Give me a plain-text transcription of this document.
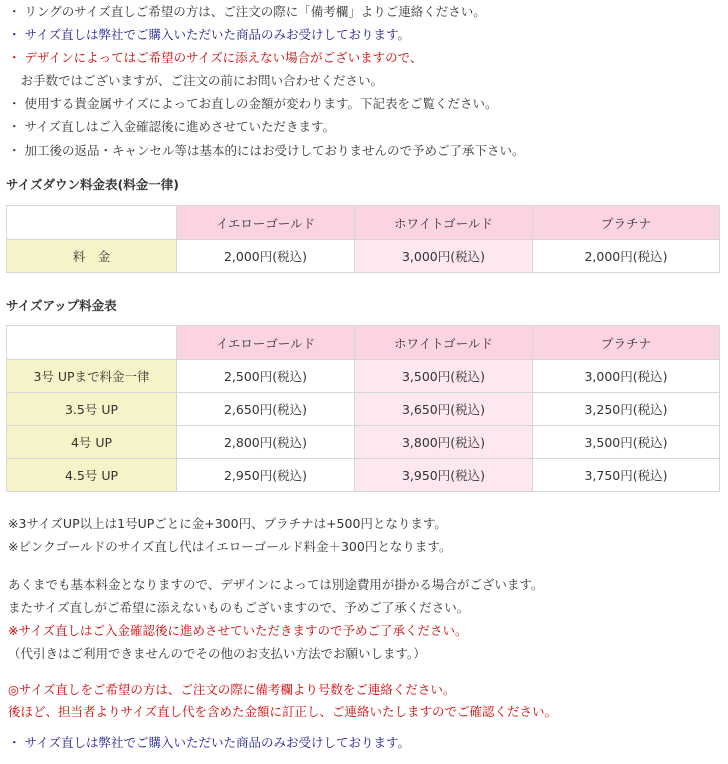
・ リングのサイズ直しご希望の方は、ご注文の際に「備考欄」よりご連絡ください。
・ サイズ直しは弊社でご購入いただいた商品のみお受けしております。
・ デザインによってはご希望のサイズに添えない場合がございますので、
　お手数ではございますが、ご注文の前にお問い合わせください。
・ 使用する貴金属サイズによってお直しの金額が変わります。下記表をご覧ください。
・ サイズ直しはご入金確認後に進めさせていただきます。
・ 加工後の返品・キャンセル等は基本的にはお受けしておりませんので予めご了承下さい。
サイズダウン料金表(料金一律)
	イエローゴールド	ホワイトゴールド	プラチナ
料　金	2,000円(税込)	3,000円(税込)	2,000円(税込)
サイズアップ料金表
	イエローゴールド	ホワイトゴールド	プラチナ
3号 UPまで料金一律	2,500円(税込)	3,500円(税込)	3,000円(税込)
3.5号 UP	2,650円(税込)	3,650円(税込)	3,250円(税込)
4号 UP	2,800円(税込)	3,800円(税込)	3,500円(税込)
4.5号 UP	2,950円(税込)	3,950円(税込)	3,750円(税込)
※3サイズUP以上は1号UPごとに金+300円、プラチナは+500円となります。
※ピンクゴールドのサイズ直し代はイエローゴールド料金＋300円となります。
あくまでも基本料金となりますので、デザインによっては別途費用が掛かる場合がございます。
またサイズ直しがご希望に添えないものもございますので、予めご了承ください。
※サイズ直しはご入金確認後に進めさせていただきますので予めご了承ください。
（代引きはご利用できませんのでその他のお支払い方法でお願いします。）
◎サイズ直しをご希望の方は、ご注文の際に備考欄より号数をご連絡ください。
後ほど、担当者よりサイズ直し代を含めた金額に訂正し、ご連絡いたしますのでご確認ください。
・ サイズ直しは弊社でご購入いただいた商品のみお受けしております。
